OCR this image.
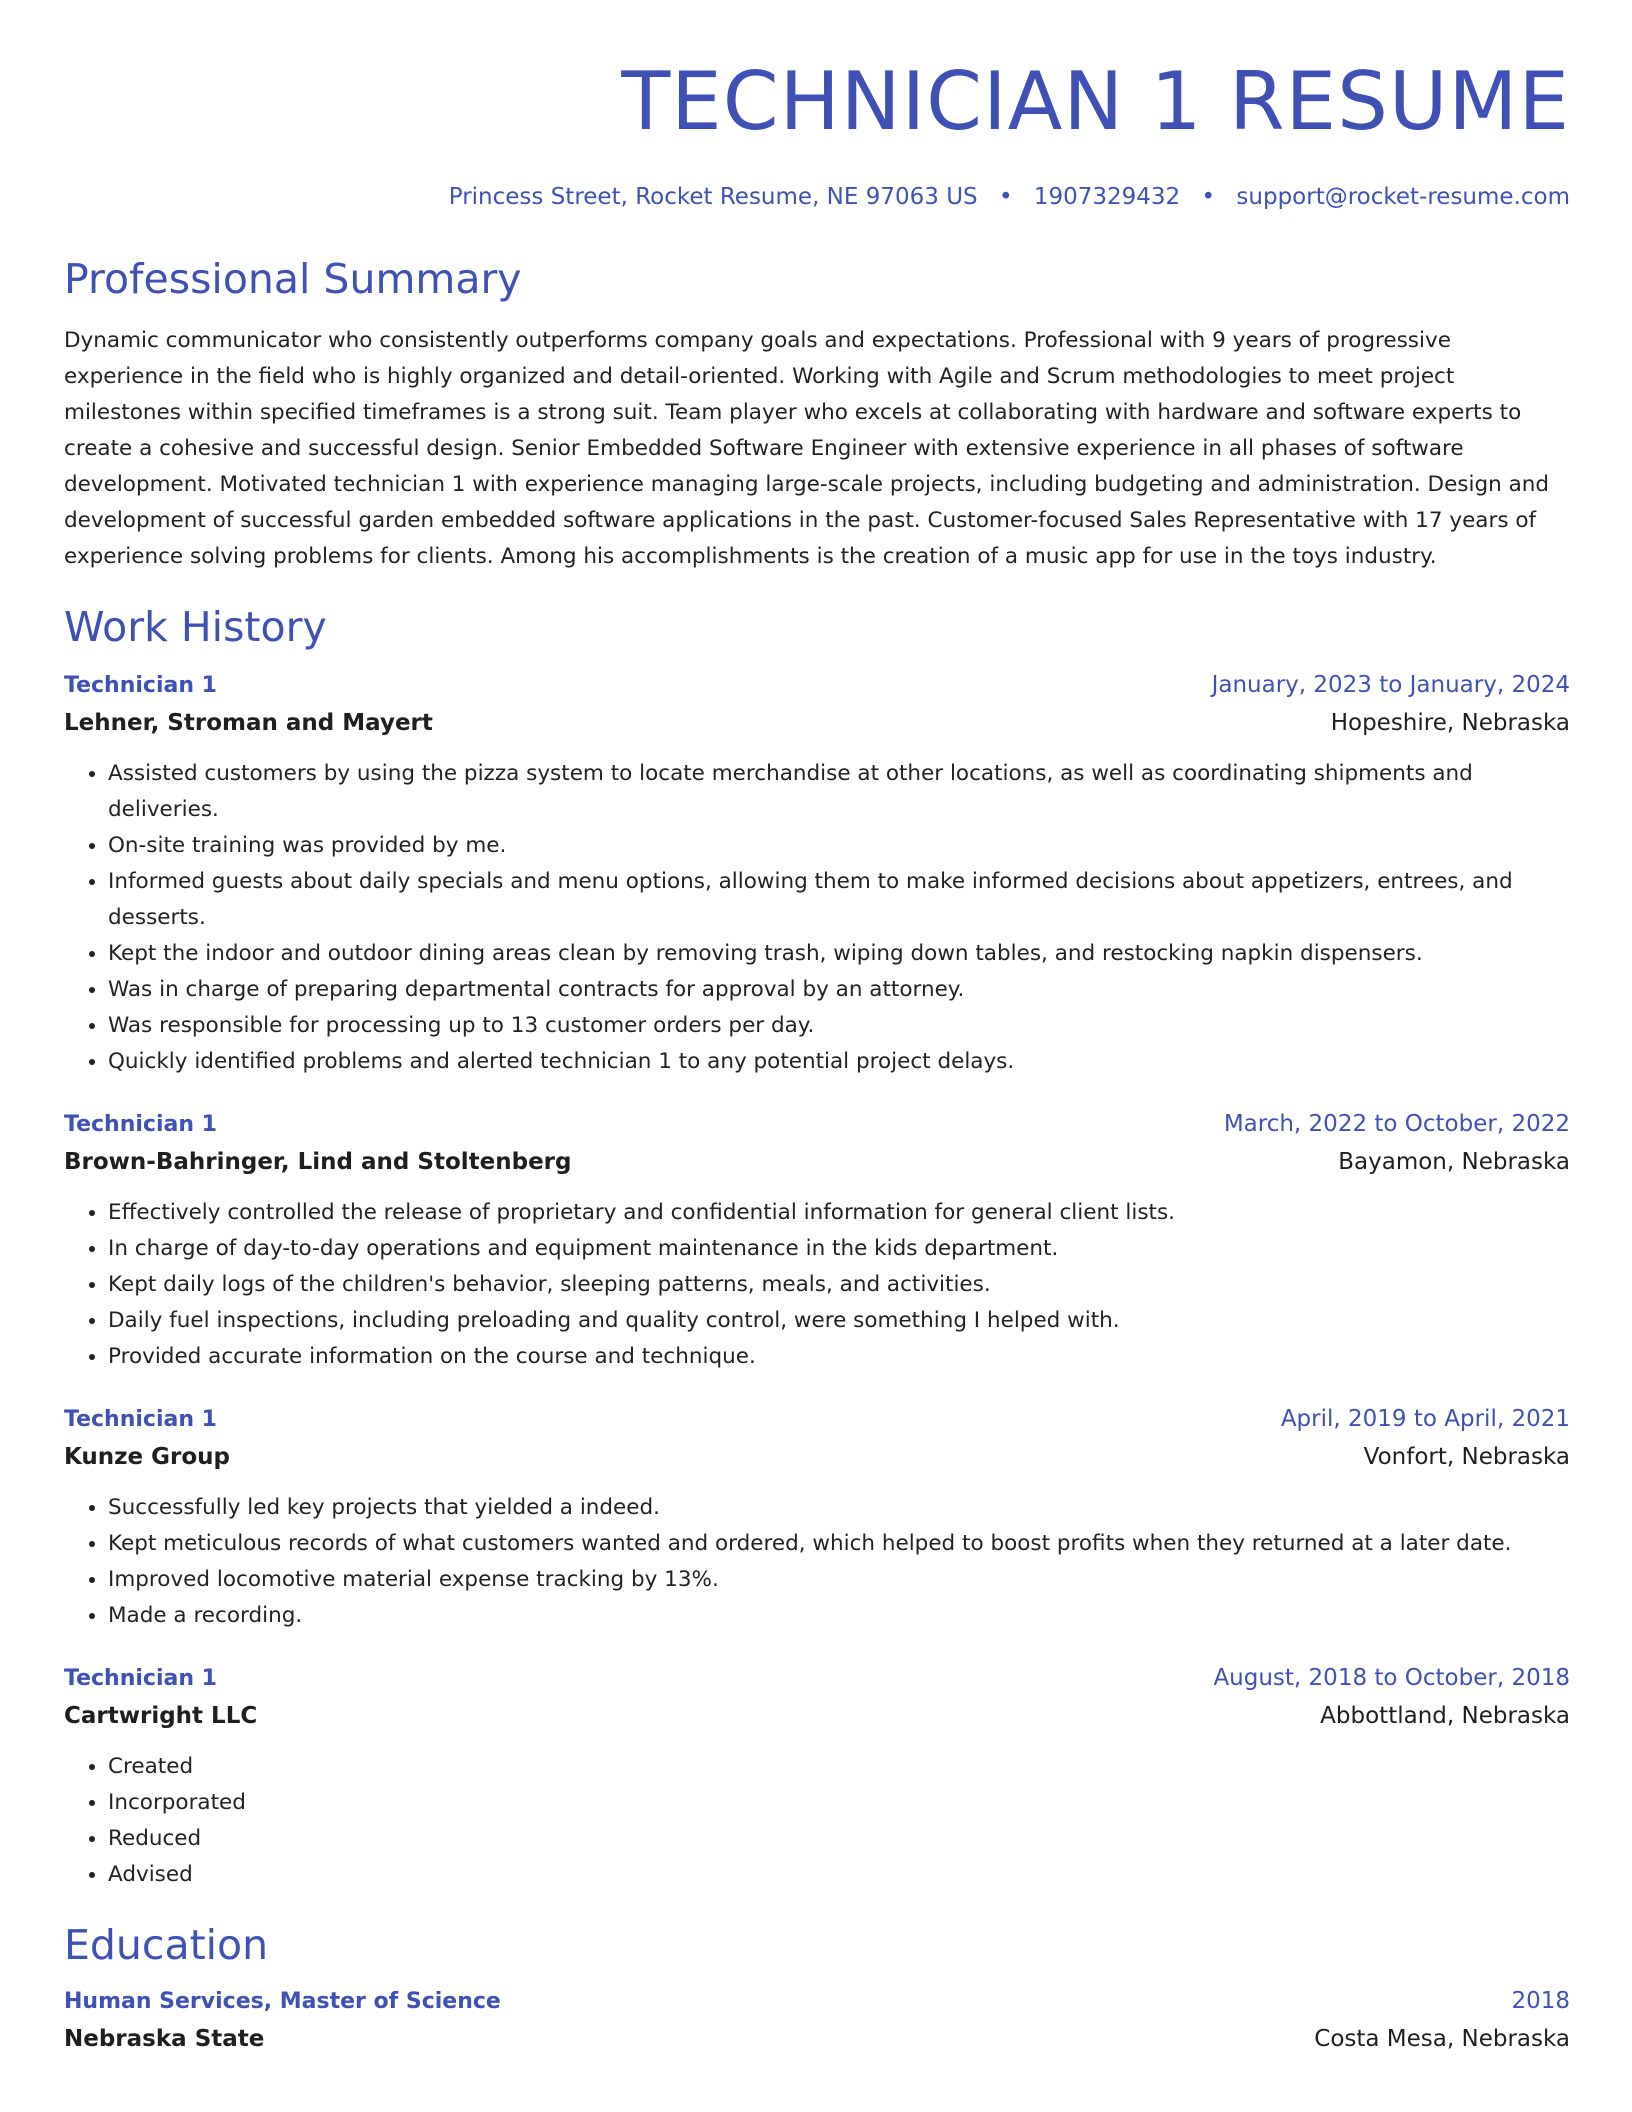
TECHNICIAN 1 RESUME
Princess Street, Rocket Resume, NE 97063 US • 1907329432 • support@rocket-resume.com
Professional Summary
Dynamic communicator who consistently outperforms company goals and expectations. Professional with 9 years of progressive experience in the field who is highly organized and detail-oriented. Working with Agile and Scrum methodologies to meet project milestones within specified timeframes is a strong suit. Team player who excels at collaborating with hardware and software experts to create a cohesive and successful design. Senior Embedded Software Engineer with extensive experience in all phases of software development. Motivated technician 1 with experience managing large-scale projects, including budgeting and administration. Design and development of successful garden embedded software applications in the past. Customer-focused Sales Representative with 17 years of experience solving problems for clients. Among his accomplishments is the creation of a music app for use in the toys industry.
Work History
Technician 1	January, 2023 to January, 2024
Lehner, Stroman and Mayert	Hopeshire, Nebraska
• Assisted customers by using the pizza system to locate merchandise at other locations, as well as coordinating shipments and deliveries.
• On-site training was provided by me.
• Informed guests about daily specials and menu options, allowing them to make informed decisions about appetizers, entrees, and desserts.
• Kept the indoor and outdoor dining areas clean by removing trash, wiping down tables, and restocking napkin dispensers.
• Was in charge of preparing departmental contracts for approval by an attorney.
• Was responsible for processing up to 13 customer orders per day.
• Quickly identified problems and alerted technician 1 to any potential project delays.
Technician 1	March, 2022 to October, 2022
Brown-Bahringer, Lind and Stoltenberg	Bayamon, Nebraska
• Effectively controlled the release of proprietary and confidential information for general client lists.
• In charge of day-to-day operations and equipment maintenance in the kids department.
• Kept daily logs of the children's behavior, sleeping patterns, meals, and activities.
• Daily fuel inspections, including preloading and quality control, were something I helped with.
• Provided accurate information on the course and technique.
Technician 1	April, 2019 to April, 2021
Kunze Group	Vonfort, Nebraska
• Successfully led key projects that yielded a indeed.
• Kept meticulous records of what customers wanted and ordered, which helped to boost profits when they returned at a later date.
• Improved locomotive material expense tracking by 13%.
• Made a recording.
Technician 1	August, 2018 to October, 2018
Cartwright LLC	Abbottland, Nebraska
• Created
• Incorporated
• Reduced
• Advised
Education
Human Services, Master of Science	2018
Nebraska State	Costa Mesa, Nebraska
